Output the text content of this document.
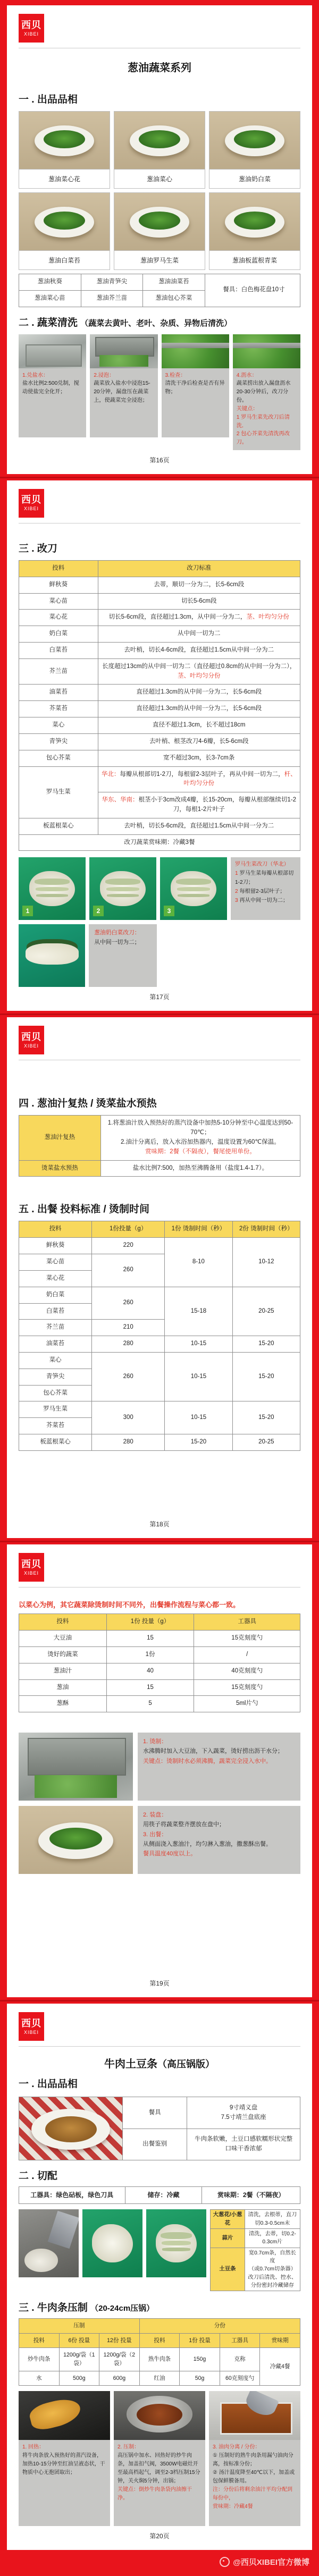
西贝
XIBEI
葱油蔬菜系列
一 . 出品品相
葱油菜心花	葱油菜心	葱油奶白菜
葱油白菜苔	葱油罗马生菜	葱油板蓝根青菜
葱油秋葵	葱油青笋尖	葱油油菜苔	餐具：白色梅花盘10寸
葱油菜心苗	葱油芥兰苗	葱油包心芥菜	
二 . 蔬菜清洗 （蔬菜去黄叶、老叶、杂质、异物后清洗）
1.兑盐水：
盐水比例2:500兑制，搅动使盐完全化开；
2.浸泡：
蔬菜放入盐水中浸泡15-20分钟，漏盘压在蔬菜上，使蔬菜完全浸泡；
3.检查：
清洗干净后检查是否有异物；
4.沥水：
蔬菜捞出放入漏盘沥水20-30分钟后，改刀分份。
关键点：
1 罗马生菜先改刀后清洗．
2 包心芥菜先清洗再改刀。
第16页
西贝
XIBEI
三 . 改刀
投料	改刀标准
鲜秋葵	去蒂，顺切一分为二，长5-6cm段
菜心苗	切长5-6cm段
菜心花	切长5-6cm段，直径超过1.3cm，从中间一分为二，茎、叶均匀分份
奶白菜	从中间一切为二
白菜苔	去叶梢，切长4-6cm段，直径超过1.5cm从中间一分为二
芥兰苗	长度超过13cm的从中间一切为二（直径超过0.8cm的从中间一分为二），茎、叶均匀分份
油菜苔	直径超过1.3cm的从中间一分为二，长5-6cm段
芥菜苔	直径超过1.3cm的从中间一分为二，长5-6cm段
菜心	直径不超过1.3cm，长不超过18cm
青笋尖	去叶梢、根茎改刀4-6瓣，长5-6cm段
包心芥菜	宽不超过3cm，长3-7cm条
罗马生菜	华北：每瓣从根部切1-2刀，每根留2-3层叶子，再从中间一切为二，杆、叶均匀分份
	华东、华南：根茎小于3cm改成4瓣，长15-20cm，每瓣从根部继续切1-2刀，每根1-2片叶子
板蓝根菜心	去叶梢，切长5-6cm段，直径超过1.5cm从中间一分为二
改刀蔬菜赏味期：冷藏3餐	
1	2	3
罗马生菜改刀（华北）
1 罗马生菜每瓣从根部切1-2刀；
2 每根留2-3层叶子；
3 再从中间一切为二；
葱油奶白菜改刀：
从中间一切为二；
第17页
西贝
XIBEI
四 . 葱油汁复热 / 烫菜盐水预热
葱油汁复热	1.将葱油汁放入预热好的蒸汽设备中加热5-10分钟至中心温度达到50-70℃；
2.油汁分离后，放入水浴加热器内，温度设置为60℃保温。
赏味期：2餐（不隔夜），餐尾使用单份。

烫菜盐水预热	盐水比例7:500，加热至沸腾备用（盐度1.4-1.7）。
五 . 出餐 投料标准 / 烫制时间
投料	1份投量（g）	1份 烫制时间（秒）	2份 烫制时间（秒）
鲜秋葵	220	8-10	10-12
菜心苗	260		
菜心花			
奶白菜	260	15-18	20-25
白菜苔			
芥兰苗	210		
油菜苔	280	10-15	15-20
菜心	260	10-15	15-20
青笋尖			
包心芥菜			
罗马生菜	300	10-15	15-20
芥菜苔			
板蓝根菜心	280	15-20	20-25
第18页
西贝
XIBEI
以菜心为例，其它蔬菜除烫制时间不同外，出餐操作流程与菜心都一致。
投料	1份 投量（g）	工器具
大豆油	15	15克刻度勺
烫好的蔬菜	1份	/
葱油汁	40	40克刻度勺
葱油	15	15克刻度勺
葱酥	5	5ml片勺
1. 烫制：
水沸腾时加入大豆油，下入蔬菜，烫好捞出沥干水分；
关键点：烫制时水必须沸腾，蔬菜完全浸入水中。
2. 装盘：
用筷子将蔬菜整齐摆放在盘中；
3. 出餐：
从侧面浇入葱油汁，均匀淋入葱油，撒葱酥出餐。
餐具温度40度以上。
第19页
西贝
XIBEI
牛肉土豆条（高压锅版）
一 . 出品品相
餐具	9寸靖义盘
7.5寸靖兰盘底座

出餐鉴别	牛肉条软嫩，土豆口感软糯形状完整
口味干香浓郁
二 . 切配
工器具：绿色砧板，绿色刀具	储存：冷藏	赏味期：2餐（不隔夜）
大葱花/小葱花	清洗，去根蒂，直刀切0.3-0.5cm末
蒜片	清洗，去蒂，切0.2-0.3cm片
土豆条	宽0.7cm条，自然长度
（或0.7cm切条器）
改刀后清洗、控水、分份密封冷藏储存
三 . 牛肉条压制 （20-24cm压锅）
压制			分份			
投料	6份 投量	12份 投量	投料	1份 投量	工器具	赏味期
炒牛肉条	1200g/袋（1袋）	1200g/袋（2袋）	熟牛肉条	150g	克称	冷藏4餐
水	500g	600g	红油	50g	60克刻度勺	
1. 回热：
将牛肉条放入预热好的蒸汽设备，加热10-15分钟至红油呈液态状，干物质中心无抱团取出；
2. 压制：
高压锅中加水、回热好的炒牛肉条，加盖扣气阀，3500W电磁灶开至最高档起气，调至2-3档压制15分钟，关火焖5分钟，出锅；
关键点：倒炒牛肉条袋内油擦干净。
3. 油肉分离 / 分份：
① 压制好的熟牛肉条用漏勺油肉分离，按标准分份；
② 汤汁温度降至40℃以下，加盖或包保鲜膜备用。
注：分份后将剩余油汁平均分配到每份中，
赏味期：冷藏4餐
第20页
@西贝XIBEI官方微博
